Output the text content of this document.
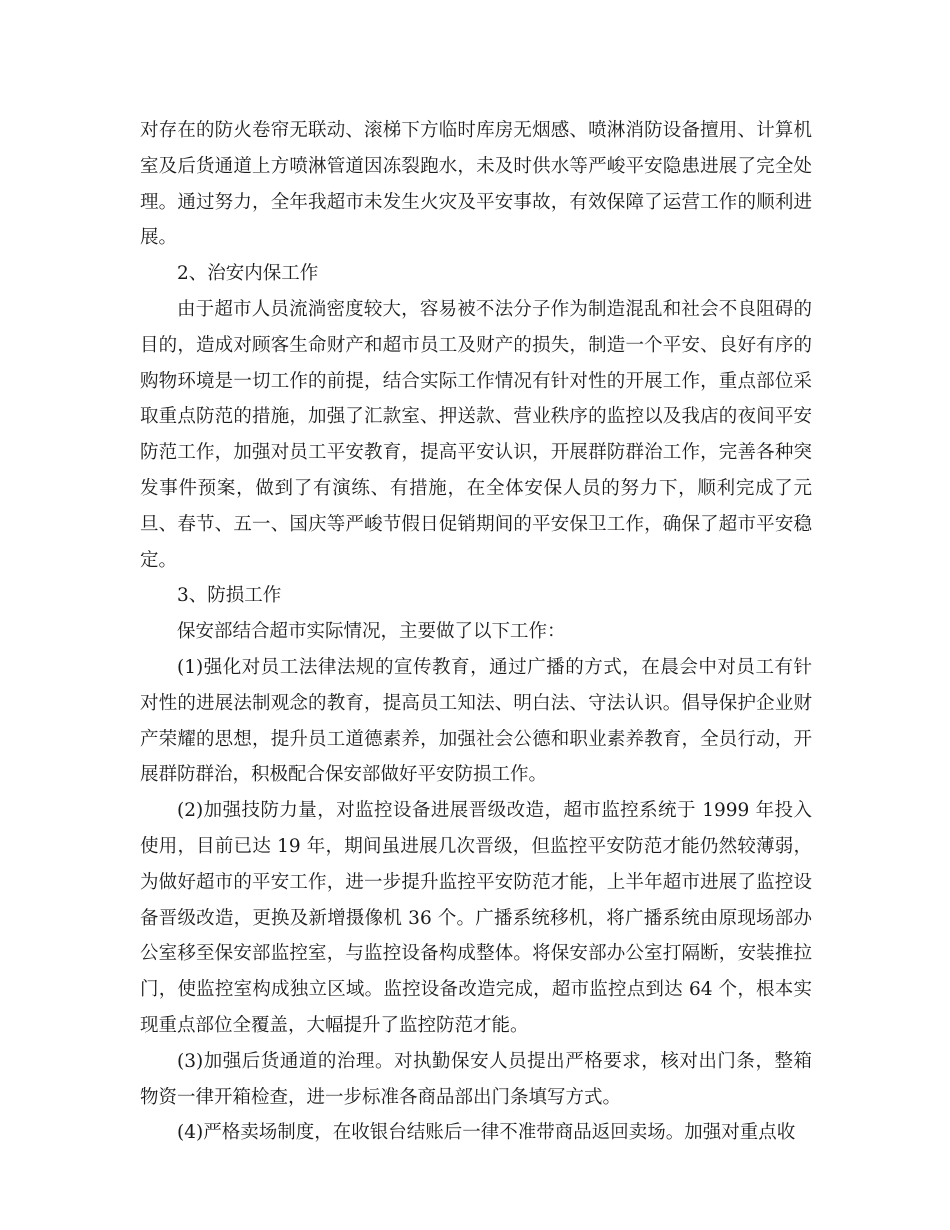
对存在的防火卷帘无联动、滚梯下方临时库房无烟感、喷淋消防设备擅用、计算机室及后货通道上方喷淋管道因冻裂跑水，未及时供水等严峻平安隐患进展了完全处理。通过努力，全年我超市未发生火灾及平安事故，有效保障了运营工作的顺利进展。

2、治安内保工作

由于超市人员流淌密度较大，容易被不法分子作为制造混乱和社会不良阻碍的目的，造成对顾客生命财产和超市员工及财产的损失，制造一个平安、良好有序的购物环境是一切工作的前提，结合实际工作情况有针对性的开展工作，重点部位采取重点防范的措施，加强了汇款室、押送款、营业秩序的监控以及我店的夜间平安防范工作，加强对员工平安教育，提高平安认识，开展群防群治工作，完善各种突发事件预案，做到了有演练、有措施，在全体安保人员的努力下，顺利完成了元旦、春节、五一、国庆等严峻节假日促销期间的平安保卫工作，确保了超市平安稳定。

3、防损工作

保安部结合超市实际情况，主要做了以下工作：

(1)强化对员工法律法规的宣传教育，通过广播的方式，在晨会中对员工有针对性的进展法制观念的教育，提高员工知法、明白法、守法认识。倡导保护企业财产荣耀的思想，提升员工道德素养，加强社会公德和职业素养教育，全员行动，开展群防群治，积极配合保安部做好平安防损工作。

(2)加强技防力量，对监控设备进展晋级改造，超市监控系统于 1999 年投入使用，目前已达 19 年，期间虽进展几次晋级，但监控平安防范才能仍然较薄弱，为做好超市的平安工作，进一步提升监控平安防范才能，上半年超市进展了监控设备晋级改造，更换及新增摄像机 36 个。广播系统移机，将广播系统由原现场部办公室移至保安部监控室，与监控设备构成整体。将保安部办公室打隔断，安装推拉门，使监控室构成独立区域。监控设备改造完成，超市监控点到达 64 个，根本实现重点部位全覆盖，大幅提升了监控防范才能。

(3)加强后货通道的治理。对执勤保安人员提出严格要求，核对出门条，整箱物资一律开箱检查，进一步标准各商品部出门条填写方式。

(4)严格卖场制度，在收银台结账后一律不准带商品返回卖场。加强对重点收
